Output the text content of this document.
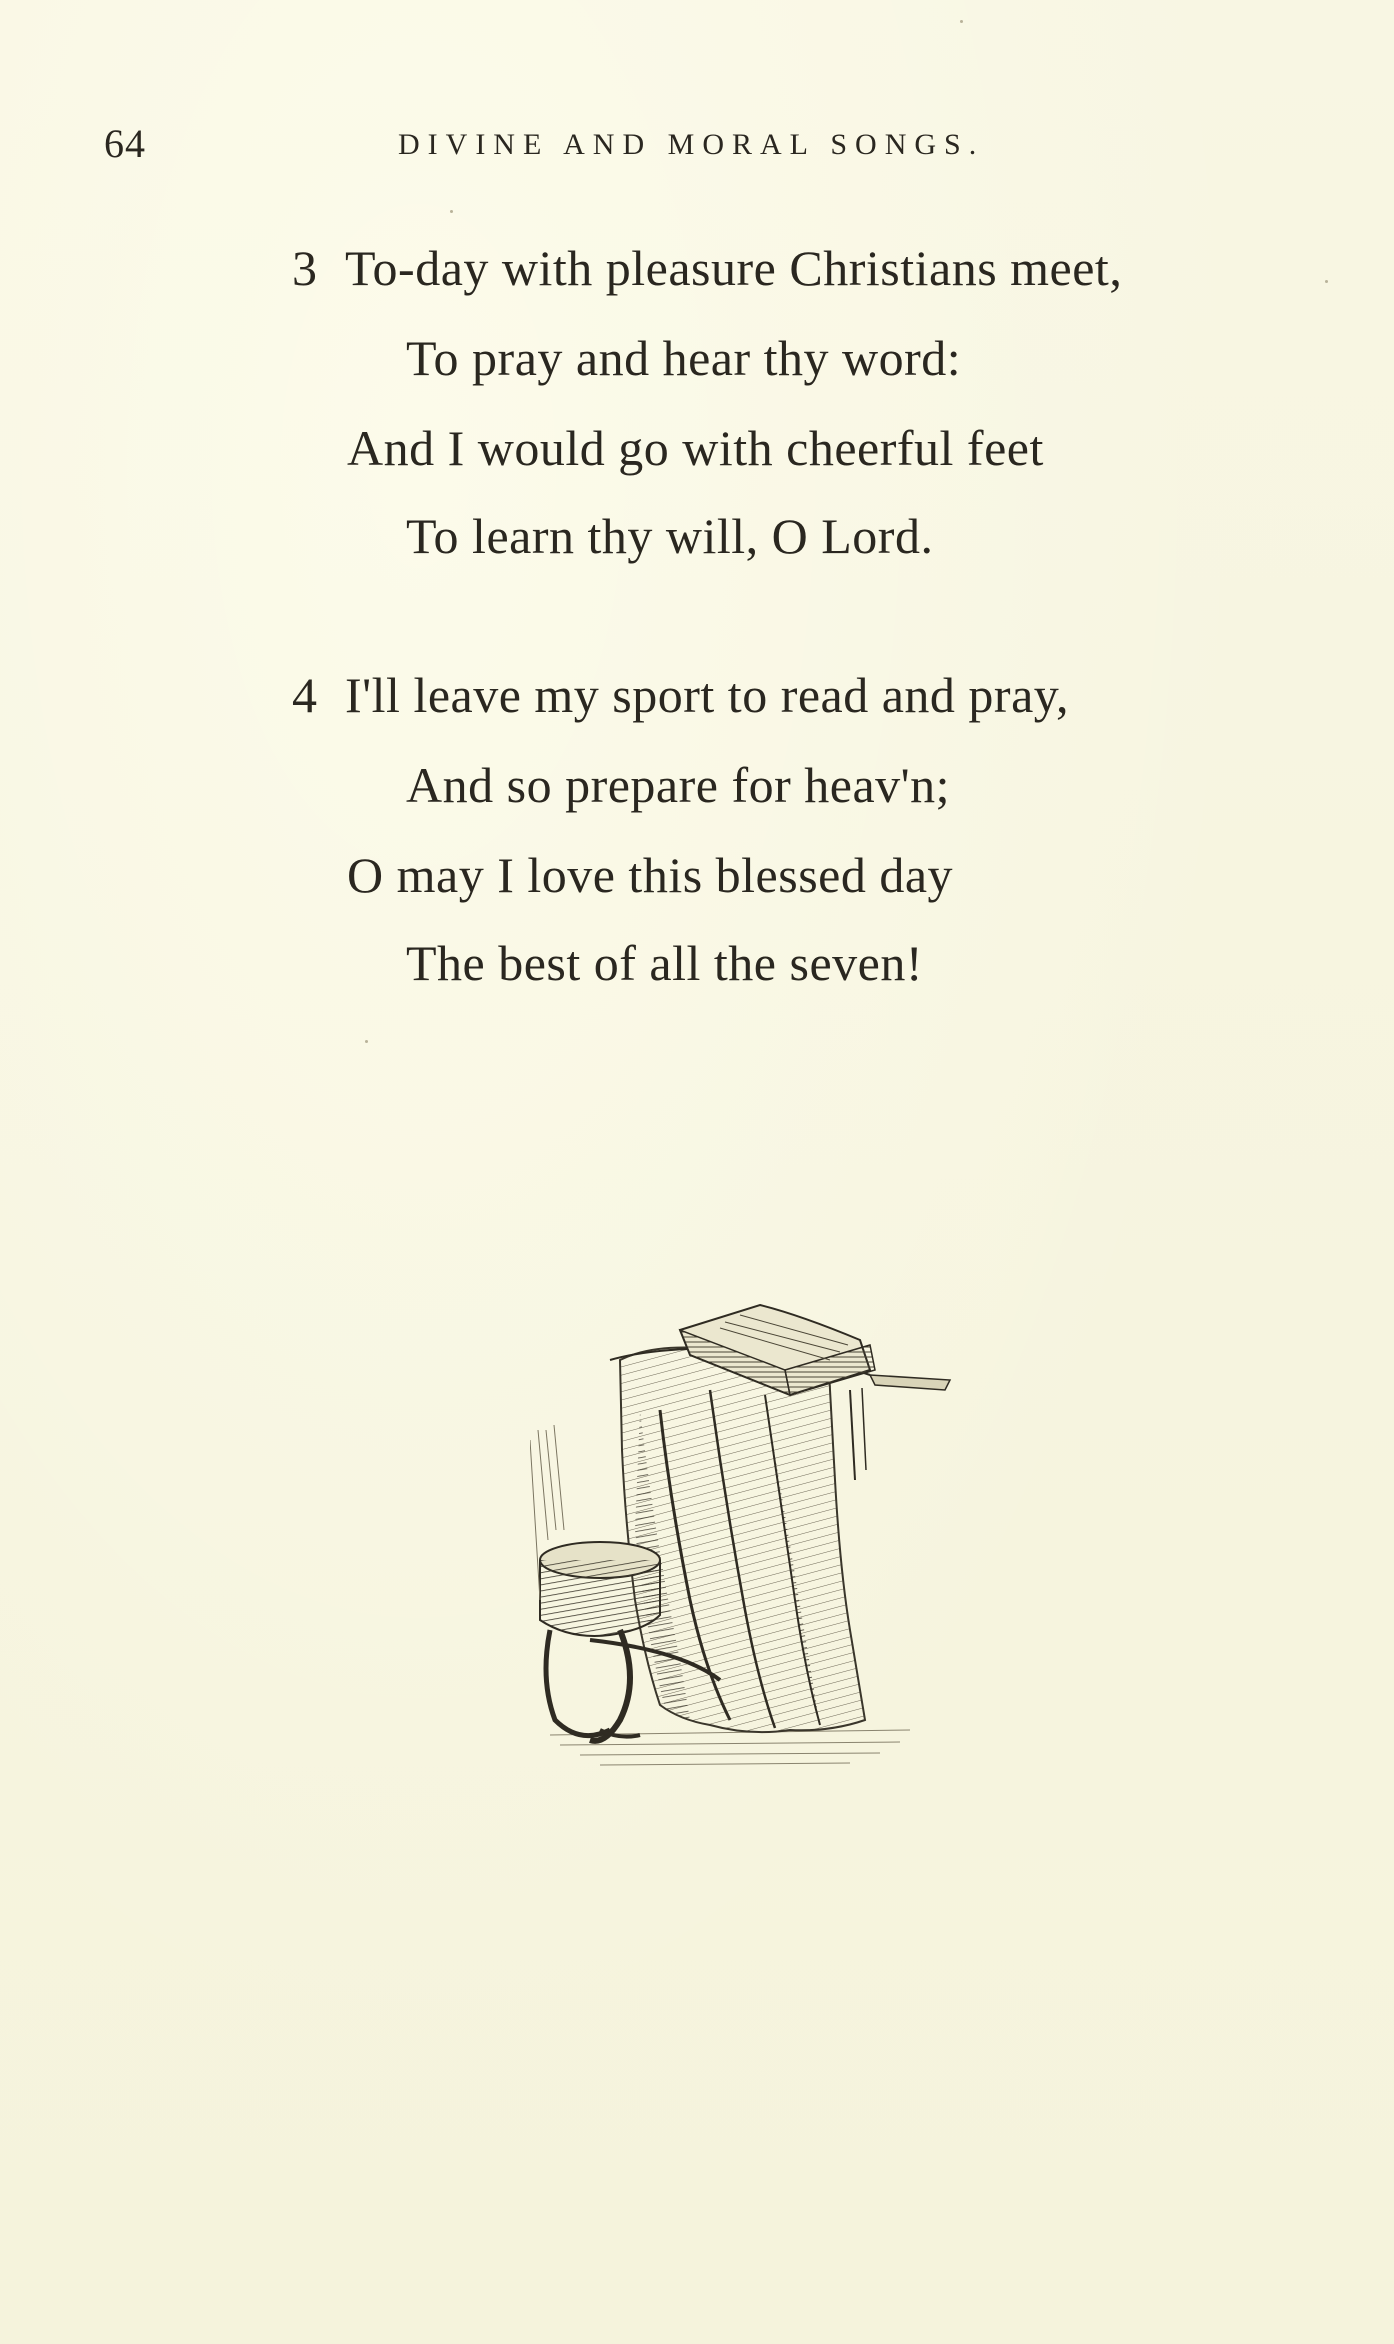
64	DIVINE AND MORAL SONGS.
3 To-day with pleasure Christians meet,
To pray and hear thy word:
And I would go with cheerful feet
To learn thy will, O Lord.
4 I'll leave my sport to read and pray,
And so prepare for heav'n;
O may I love this blessed day
The best of all the seven!
